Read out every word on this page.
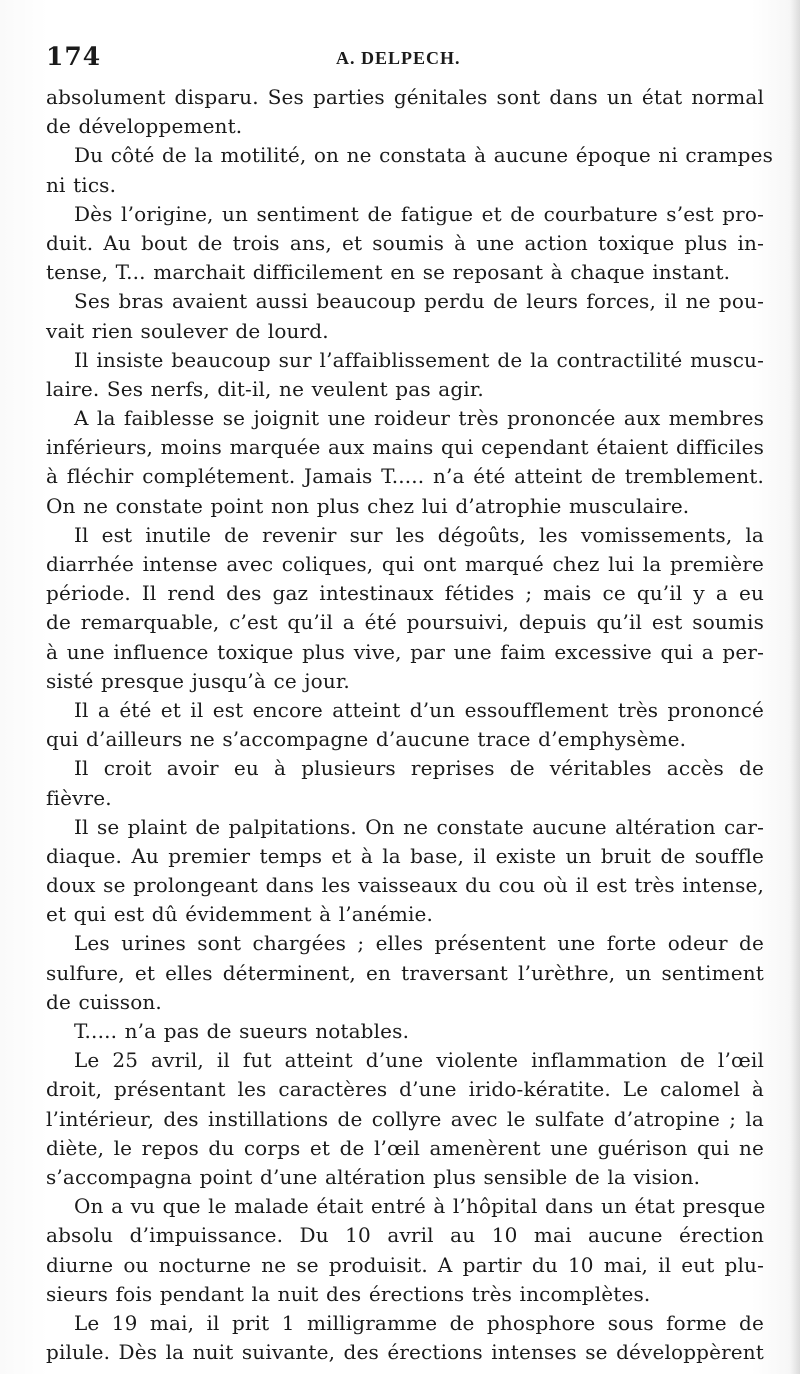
174	A. DELPECH.
absolument disparu. Ses parties génitales sont dans un état normal
de développement.
Du côté de la motilité, on ne constata à aucune époque ni crampes
ni tics.
Dès l’origine, un sentiment de fatigue et de courbature s’est pro-
duit. Au bout de trois ans, et soumis à une action toxique plus in-
tense, T... marchait difficilement en se reposant à chaque instant.
Ses bras avaient aussi beaucoup perdu de leurs forces, il ne pou-
vait rien soulever de lourd.
Il insiste beaucoup sur l’affaiblissement de la contractilité muscu-
laire. Ses nerfs, dit-il, ne veulent pas agir.
A la faiblesse se joignit une roideur très prononcée aux membres
inférieurs, moins marquée aux mains qui cependant étaient difficiles
à fléchir complétement. Jamais T..... n’a été atteint de tremblement.
On ne constate point non plus chez lui d’atrophie musculaire.
Il est inutile de revenir sur les dégoûts, les vomissements, la
diarrhée intense avec coliques, qui ont marqué chez lui la première
période. Il rend des gaz intestinaux fétides ; mais ce qu’il y a eu
de remarquable, c’est qu’il a été poursuivi, depuis qu’il est soumis
à une influence toxique plus vive, par une faim excessive qui a per-
sisté presque jusqu’à ce jour.
Il a été et il est encore atteint d’un essoufflement très prononcé
qui d’ailleurs ne s’accompagne d’aucune trace d’emphysème.
Il croit avoir eu à plusieurs reprises de véritables accès de
fièvre.
Il se plaint de palpitations. On ne constate aucune altération car-
diaque. Au premier temps et à la base, il existe un bruit de souffle
doux se prolongeant dans les vaisseaux du cou où il est très intense,
et qui est dû évidemment à l’anémie.
Les urines sont chargées ; elles présentent une forte odeur de
sulfure, et elles déterminent, en traversant l’urèthre, un sentiment
de cuisson.
T..... n’a pas de sueurs notables.
Le 25 avril, il fut atteint d’une violente inflammation de l’œil
droit, présentant les caractères d’une irido-kératite. Le calomel à
l’intérieur, des instillations de collyre avec le sulfate d’atropine ; la
diète, le repos du corps et de l’œil amenèrent une guérison qui ne
s’accompagna point d’une altération plus sensible de la vision.
On a vu que le malade était entré à l’hôpital dans un état presque
absolu d’impuissance. Du 10 avril au 10 mai aucune érection
diurne ou nocturne ne se produisit. A partir du 10 mai, il eut plu-
sieurs fois pendant la nuit des érections très incomplètes.
Le 19 mai, il prit 1 milligramme de phosphore sous forme de
pilule. Dès la nuit suivante, des érections intenses se développèrent
